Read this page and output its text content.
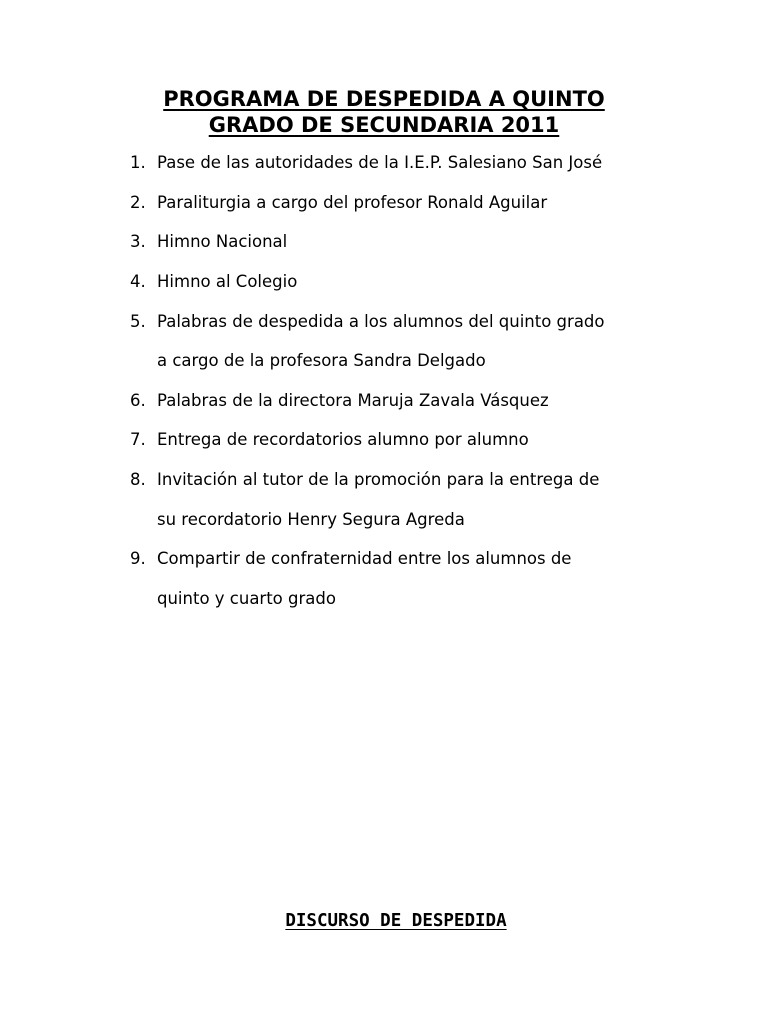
PROGRAMA DE DESPEDIDA A QUINTO
GRADO DE SECUNDARIA 2011
1. Pase de las autoridades de la I.E.P. Salesiano San José
2. Paraliturgia a cargo del profesor Ronald Aguilar
3. Himno Nacional
4. Himno al Colegio
5. Palabras de despedida a los alumnos del quinto grado
a cargo de la profesora Sandra Delgado
6. Palabras de la directora Maruja Zavala Vásquez
7. Entrega de recordatorios alumno por alumno
8. Invitación al tutor de la promoción para la entrega de
su recordatorio Henry Segura Agreda
9. Compartir de confraternidad entre los alumnos de
quinto y cuarto grado
DISCURSO DE DESPEDIDA
